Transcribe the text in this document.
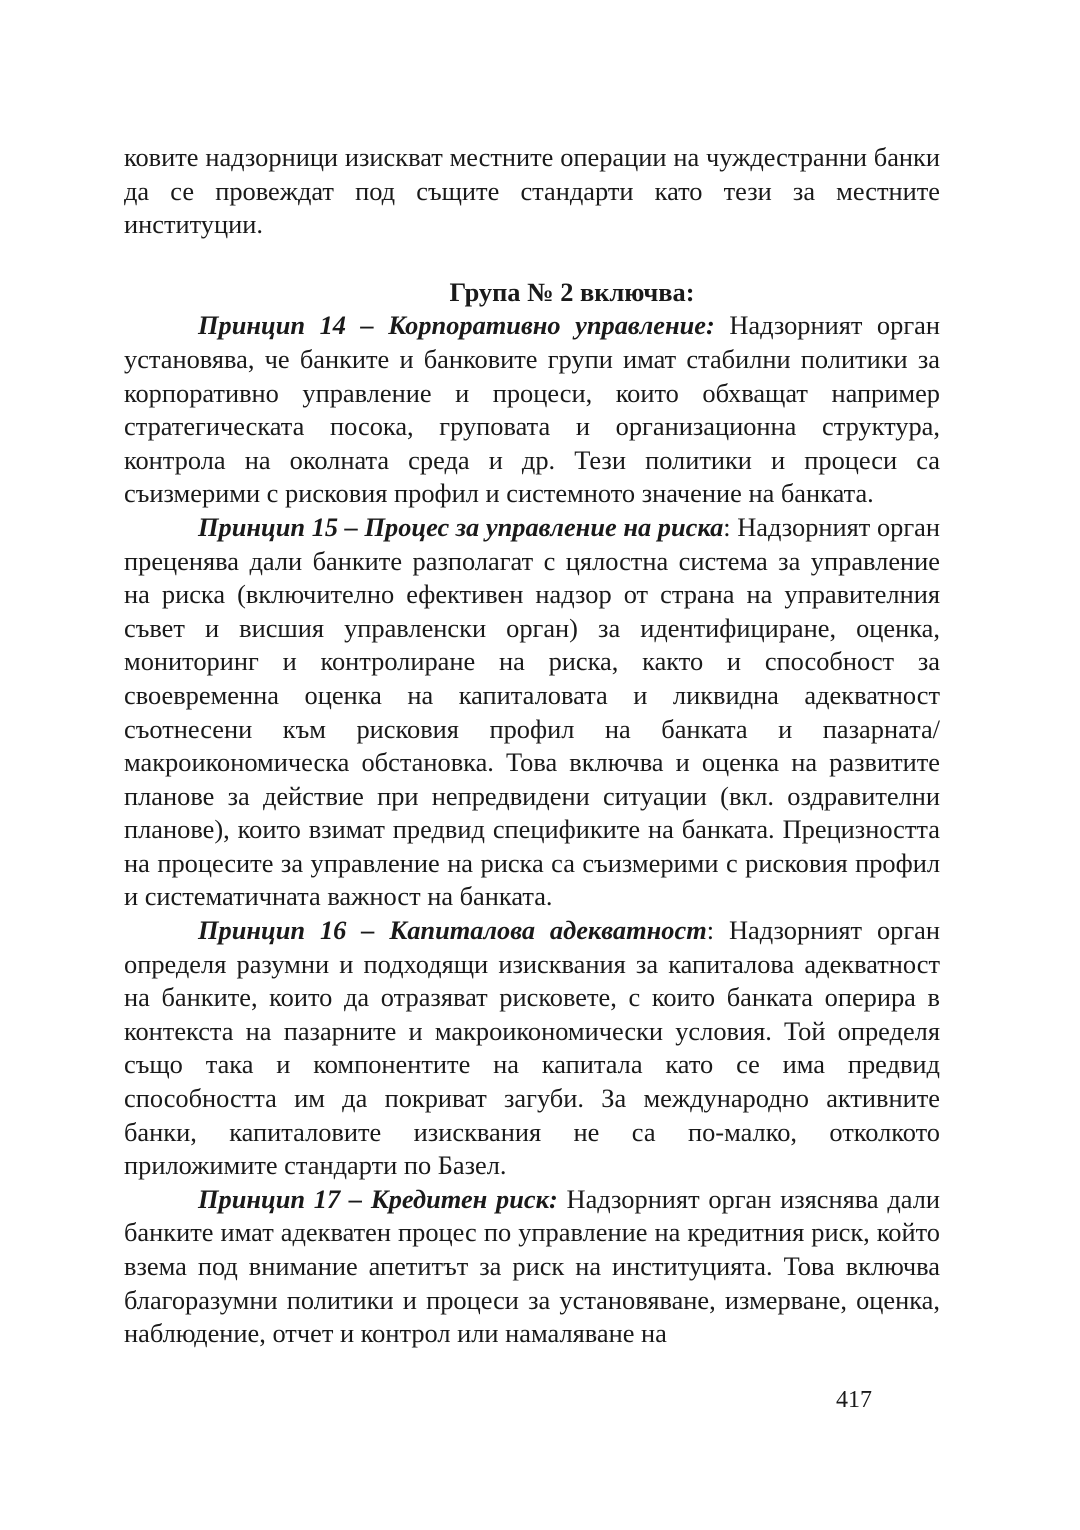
ковите надзорници изискват местните операции на чуждестранни банки да се провеждат под същите стандарти като тези за местните институции.

Група № 2 включва:

Принцип 14 – Корпоративно управление: Надзорният орган установява, че банките и банковите групи имат стабилни политики за корпоративно управление и процеси, които обхващат например стратегическата посока, груповата и организационна структура, контрола на околната среда и др. Тези политики и процеси са съизмерими с рисковия профил и системното значение на банката.

Принцип 15 – Процес за управление на риска: Надзорният орган преценява дали банките разполагат с цялостна система за управление на риска (включително ефективен надзор от страна на управителния съвет и висшия управленски орган) за идентифициране, оценка, мониторинг и контролиране на риска, както и способност за своевременна оценка на капиталовата и ликвидна адекватност съотнесени към рисковия профил на банката и пазарната/макроикономическа обстановка. Това включва и оценка на развитите планове за действие при непредвидени ситуации (вкл. оздравителни планове), които взимат предвид спецификите на банката. Прецизността на процесите за управление на риска са съизмерими с рисковия профил и систематичната важност на банката.

Принцип 16 – Капиталова адекватност: Надзорният орган определя разумни и подходящи изисквания за капиталова адекватност на банките, които да отразяват рисковете, с които банката оперира в контекста на пазарните и макроикономически условия. Той определя също така и компонентите на капитала като се има предвид способността им да покриват загуби. За международно активните банки, капиталовите изисквания не са по-малко, отколкото приложимите стандарти по Базел.

Принцип 17 – Кредитен риск: Надзорният орган изяснява дали банките имат адекватен процес по управление на кредитния риск, който взема под внимание апетитът за риск на институцията. Това включва благоразумни политики и процеси за установяване, измерване, оценка, наблюдение, отчет и контрол или намаляване на

417
